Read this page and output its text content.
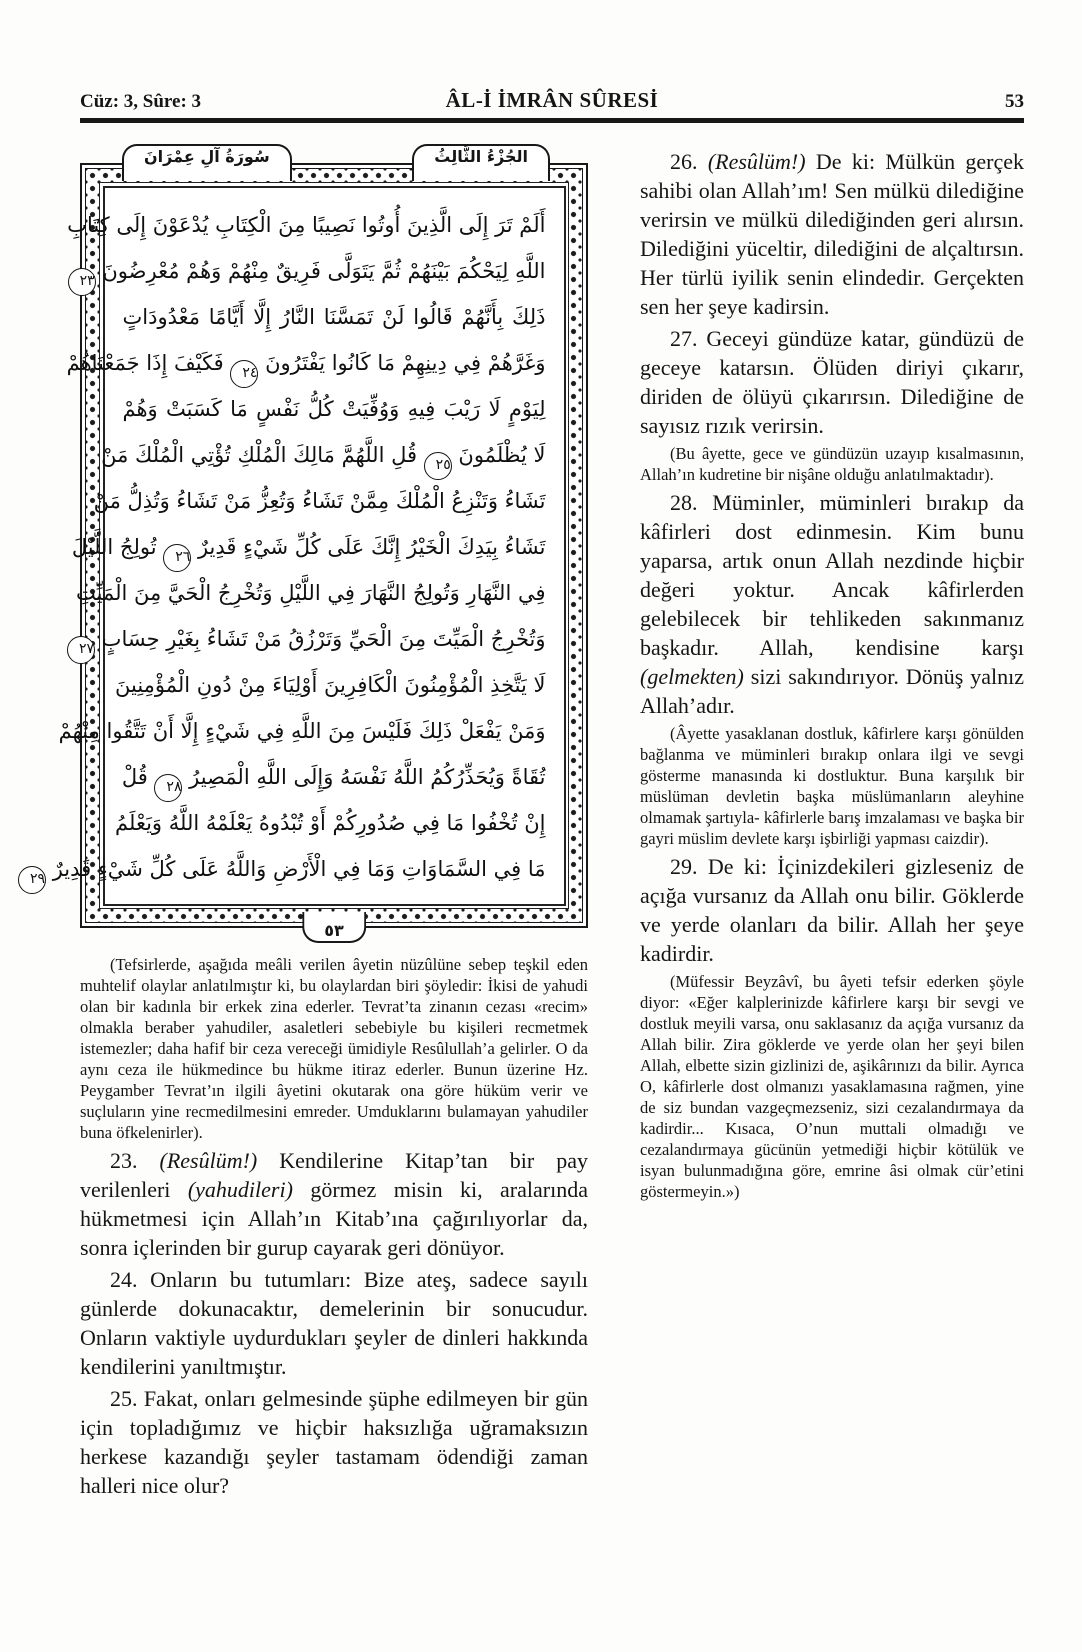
Cüz: 3, Sûre: 3	ÂL-İ İMRÂN SÛRESİ	53
سُورَةُ آلِ عِمْرَانَ	الجُزْءُ الثَّالِثُ
أَلَمْ تَرَ إِلَى الَّذِينَ أُوتُوا نَصِيبًا مِنَ الْكِتَابِ يُدْعَوْنَ إِلَى كِتَابِ
اللَّهِ لِيَحْكُمَ بَيْنَهُمْ ثُمَّ يَتَوَلَّى فَرِيقٌ مِنْهُمْ وَهُمْ مُعْرِضُونَ ٢٣
ذَلِكَ بِأَنَّهُمْ قَالُوا لَنْ تَمَسَّنَا النَّارُ إِلَّا أَيَّامًا مَعْدُودَاتٍ
وَغَرَّهُمْ فِي دِينِهِمْ مَا كَانُوا يَفْتَرُونَ ٢٤ فَكَيْفَ إِذَا جَمَعْنَاهُمْ
لِيَوْمٍ لَا رَيْبَ فِيهِ وَوُفِّيَتْ كُلُّ نَفْسٍ مَا كَسَبَتْ وَهُمْ
لَا يُظْلَمُونَ ٢٥ قُلِ اللَّهُمَّ مَالِكَ الْمُلْكِ تُؤْتِي الْمُلْكَ مَنْ
تَشَاءُ وَتَنْزِعُ الْمُلْكَ مِمَّنْ تَشَاءُ وَتُعِزُّ مَنْ تَشَاءُ وَتُذِلُّ مَنْ
تَشَاءُ بِيَدِكَ الْخَيْرُ إِنَّكَ عَلَى كُلِّ شَيْءٍ قَدِيرٌ ٢٦ تُولِجُ اللَّيْلَ
فِي النَّهَارِ وَتُولِجُ النَّهَارَ فِي اللَّيْلِ وَتُخْرِجُ الْحَيَّ مِنَ الْمَيِّتِ
وَتُخْرِجُ الْمَيِّتَ مِنَ الْحَيِّ وَتَرْزُقُ مَنْ تَشَاءُ بِغَيْرِ حِسَابٍ ٢٧
لَا يَتَّخِذِ الْمُؤْمِنُونَ الْكَافِرِينَ أَوْلِيَاءَ مِنْ دُونِ الْمُؤْمِنِينَ
وَمَنْ يَفْعَلْ ذَلِكَ فَلَيْسَ مِنَ اللَّهِ فِي شَيْءٍ إِلَّا أَنْ تَتَّقُوا مِنْهُمْ
تُقَاةً وَيُحَذِّرُكُمُ اللَّهُ نَفْسَهُ وَإِلَى اللَّهِ الْمَصِيرُ ٢٨ قُلْ
إِنْ تُخْفُوا مَا فِي صُدُورِكُمْ أَوْ تُبْدُوهُ يَعْلَمْهُ اللَّهُ وَيَعْلَمُ
مَا فِي السَّمَاوَاتِ وَمَا فِي الْأَرْضِ وَاللَّهُ عَلَى كُلِّ شَيْءٍ قَدِيرٌ ٢٩
٥٣

(Tefsirlerde, aşağıda meâli verilen âyetin nüzûlüne sebep teşkil eden muhtelif olaylar anlatılmıştır ki, bu olaylardan biri şöyledir: İkisi de yahudi olan bir kadınla bir erkek zina ederler. Tevrat’ta zinanın cezası «recim» olmakla beraber yahudiler, asaletleri sebebiyle bu kişileri recmetmek istemezler; daha hafif bir ceza vereceği ümidiyle Resûlullah’a gelirler. O da aynı ceza ile hükmedince bu hükme itiraz ederler. Bunun üzerine Hz. Peygamber Tevrat’ın ilgili âyetini okutarak ona göre hüküm verir ve suçluların yine recmedilmesini emreder. Umduklarını bulamayan yahudiler buna öfkelenirler).

23. (Resûlüm!) Kendilerine Kitap’tan bir pay verilenleri (yahudileri) görmez misin ki, aralarında hükmetmesi için Allah’ın Kitab’ına çağırılıyorlar da, sonra içlerinden bir gurup cayarak geri dönüyor.

24. Onların bu tutumları: Bize ateş, sadece sayılı günlerde dokunacaktır, demelerinin bir sonucudur. Onların vaktiyle uydurdukları şeyler de dinleri hakkında kendilerini yanıltmıştır.

25. Fakat, onları gelmesinde şüphe edilmeyen bir gün için topladığımız ve hiçbir haksızlığa uğramaksızın herkese kazandığı şeyler tastamam ödendiği zaman halleri nice olur?

26. (Resûlüm!) De ki: Mülkün gerçek sahibi olan Allah’ım! Sen mülkü dilediğine verirsin ve mülkü dilediğinden geri alırsın. Dilediğini yüceltir, dilediğini de alçaltırsın. Her türlü iyilik senin elindedir. Gerçekten sen her şeye kadirsin.

27. Geceyi gündüze katar, gündüzü de geceye katarsın. Ölüden diriyi çıkarır, diriden de ölüyü çıkarırsın. Dilediğine de sayısız rızık verirsin.

(Bu âyette, gece ve gündüzün uzayıp kısalmasının, Allah’ın kudretine bir nişâne olduğu anlatılmaktadır).

28. Müminler, müminleri bırakıp da kâfirleri dost edinmesin. Kim bunu yaparsa, artık onun Allah nezdinde hiçbir değeri yoktur. Ancak kâfirlerden gelebilecek bir tehlikeden sakınmanız başkadır. Allah, kendisine karşı (gelmekten) sizi sakındırıyor. Dönüş yalnız Allah’adır.

(Âyette yasaklanan dostluk, kâfirlere karşı gönülden bağlanma ve müminleri bırakıp onlara ilgi ve sevgi gösterme manasında ki dostluktur. Buna karşılık bir müslüman devletin başka müslümanların aleyhine olmamak şartıyla- kâfirlerle barış imzalaması ve başka bir gayri müslim devlete karşı işbirliği yapması caizdir).

29. De ki: İçinizdekileri gizleseniz de açığa vursanız da Allah onu bilir. Göklerde ve yerde olanları da bilir. Allah her şeye kadirdir.

(Müfessir Beyzâvî, bu âyeti tefsir ederken şöyle diyor: «Eğer kalplerinizde kâfirlere karşı bir sevgi ve dostluk meyili varsa, onu saklasanız da açığa vursanız da Allah bilir. Zira göklerde ve yerde olan her şeyi bilen Allah, elbette sizin gizlinizi de, aşikârınızı da bilir. Ayrıca O, kâfirlerle dost olmanızı yasaklamasına rağmen, yine de siz bundan vazgeçmezseniz, sizi cezalandırmaya da kadirdir... Kısaca, O’nun muttali olmadığı ve cezalandırmaya gücünün yetmediği hiçbir kötülük ve isyan bulunmadığına göre, emrine âsi olmak cür’etini göstermeyin.»)
